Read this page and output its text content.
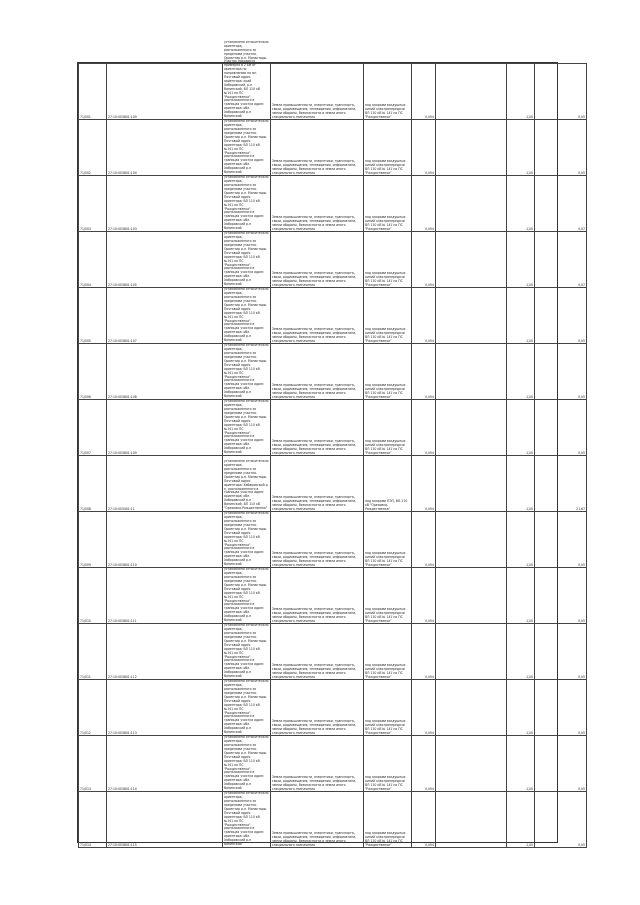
71/001	27:10:003801:109	установлено относительно ориентира, расположенного за пределами участка. Ориентир р.п. Монастырь. Участок находится примерно в 2 км от ориентира по направлению на юг. Почтовый адрес ориентира: край Хабаровский, р-н Ванинский, ВЛ 110 кВ №141 по ПС "Рождественка", расположенного в границах участка адрес ориентира: обл. Хабаровский р-н Ванинский	Земли промышленности, энергетики, транспорта, связи, радиовещания, телевидения, информатики, земли обороны, безопасности и земли иного специального назначения	под опорами воздушных линий электропередачи ВЛ 110 кВ № 141 по ПС "Рождественка"	0,004		1,00	0,05
71/002	27:10:003801:104	установлено относительно ориентира, расположенного за пределами участка. Ориентир р.п. Монастырь. Почтовый адрес ориентира: ВЛ 110 кВ №141 по ПС "Рождественка", расположенного в границах участка адрес ориентира: обл. Хабаровский р-н Ванинский	Земли промышленности, энергетики, транспорта, связи, радиовещания, телевидения, информатики, земли обороны, безопасности и земли иного специального назначения	под опорами воздушных линий электропередачи ВЛ 110 кВ № 141 по ПС "Рождественка"	0,004		1,00	0,05
71/003	27:10:003801:103	установлено относительно ориентира, расположенного за пределами участка. Ориентир р.п. Монастырь. Почтовый адрес ориентира: ВЛ 110 кВ №141 по ПС "Рождественка", расположенного в границах участка адрес ориентира: обл. Хабаровский р-н Ванинский	Земли промышленности, энергетики, транспорта, связи, радиовещания, телевидения, информатики, земли обороны, безопасности и земли иного специального назначения	под опорами воздушных линий электропередачи ВЛ 110 кВ № 141 по ПС "Рождественка"	0,004		1,00	0,07
71/004	27:10:003801:105	установлено относительно ориентира, расположенного за пределами участка. Ориентир р.п. Монастырь. Почтовый адрес ориентира: ВЛ 110 кВ №141 по ПС "Рождественка", расположенного в границах участка адрес ориентира: обл. Хабаровский р-н Ванинский	Земли промышленности, энергетики, транспорта, связи, радиовещания, телевидения, информатики, земли обороны, безопасности и земли иного специального назначения	под опорами воздушных линий электропередачи ВЛ 110 кВ № 141 по ПС "Рождественка"	0,004		1,00	0,07
71/005	27:10:003801:107	установлено относительно ориентира, расположенного за пределами участка. Ориентир р.п. Монастырь. Почтовый адрес ориентира: ВЛ 110 кВ №141 по ПС "Рождественка", расположенного в границах участка адрес ориентира: обл. Хабаровский р-н Ванинский	Земли промышленности, энергетики, транспорта, связи, радиовещания, телевидения, информатики, земли обороны, безопасности и земли иного специального назначения	под опорами воздушных линий электропередачи ВЛ 110 кВ № 141 по ПС "Рождественка"	0,004		1,00	0,05
71/006	27:10:003801:108	установлено относительно ориентира, расположенного за пределами участка. Ориентир р.п. Монастырь. Почтовый адрес ориентира: ВЛ 110 кВ №141 по ПС "Рождественка", расположенного в границах участка адрес ориентира: обл. Хабаровский р-н Ванинский	Земли промышленности, энергетики, транспорта, связи, радиовещания, телевидения, информатики, земли обороны, безопасности и земли иного специального назначения	под опорами воздушных линий электропередачи ВЛ 110 кВ № 141 по ПС "Рождественка"	0,004		1,00	0,05
71/007	27:10:003801:109	установлено относительно ориентира, расположенного за пределами участка. Ориентир р.п. Монастырь. Почтовый адрес ориентира: ВЛ 110 кВ №141 по ПС "Рождественка", расположенного в границах участка адрес ориентира: обл. Хабаровский р-н Ванинский	Земли промышленности, энергетики, транспорта, связи, радиовещания, телевидения, информатики, земли обороны, безопасности и земли иного специального назначения	под опорами воздушных линий электропередачи ВЛ 110 кВ № 141 по ПС "Рождественка"	0,004		1,00	0,05
71/008	27:10:003401:11	установлено относительно ориентира, расположенного за пределами участка. Ориентир р.п. Монастырь. Почтовый адрес ориентира: Хабаровский р-н, расположенного в границах участка адрес ориентира: обл. Хабаровский р-н Ванинский, ВЛ 110 кВ "Ореховка-Рождественка"	Земли промышленности, энергетики, транспорта, связи, радиовещания, телевидения, информатики, земли обороны, безопасности и земли иного специального назначения	под опорами ЛЭП, ВЛ-110 кВ "Ореховка-Рождественка"	0,004		1,00	21,67
71/009	27:10:003801:110	установлено относительно ориентира, расположенного за пределами участка. Ориентир р.п. Монастырь. Почтовый адрес ориентира: ВЛ 110 кВ №141 по ПС "Рождественка", расположенного в границах участка адрес ориентира: обл. Хабаровский р-н Ванинский	Земли промышленности, энергетики, транспорта, связи, радиовещания, телевидения, информатики, земли обороны, безопасности и земли иного специального назначения	под опорами воздушных линий электропередачи ВЛ 110 кВ № 141 по ПС "Рождественка"	0,004		1,00	0,05
71/010	27:10:003801:111	установлено относительно ориентира, расположенного за пределами участка. Ориентир р.п. Монастырь. Почтовый адрес ориентира: ВЛ 110 кВ №141 по ПС "Рождественка", расположенного в границах участка адрес ориентира: обл. Хабаровский р-н Ванинский	Земли промышленности, энергетики, транспорта, связи, радиовещания, телевидения, информатики, земли обороны, безопасности и земли иного специального назначения	под опорами воздушных линий электропередачи ВЛ 110 кВ № 141 по ПС "Рождественка"	0,004		1,00	0,05
71/011	27:10:003801:112	установлено относительно ориентира, расположенного за пределами участка. Ориентир р.п. Монастырь. Почтовый адрес ориентира: ВЛ 110 кВ №141 по ПС "Рождественка", расположенного в границах участка адрес ориентира: обл. Хабаровский р-н Ванинский	Земли промышленности, энергетики, транспорта, связи, радиовещания, телевидения, информатики, земли обороны, безопасности и земли иного специального назначения	под опорами воздушных линий электропередачи ВЛ 110 кВ № 141 по ПС "Рождественка"	0,004		1,00	0,05
71/012	27:10:003801:113	установлено относительно ориентира, расположенного за пределами участка. Ориентир р.п. Монастырь. Почтовый адрес ориентира: ВЛ 110 кВ №141 по ПС "Рождественка", расположенного в границах участка адрес ориентира: обл. Хабаровский р-н Ванинский	Земли промышленности, энергетики, транспорта, связи, радиовещания, телевидения, информатики, земли обороны, безопасности и земли иного специального назначения	под опорами воздушных линий электропередачи ВЛ 110 кВ № 141 по ПС "Рождественка"	0,004		1,00	0,05
71/013	27:10:003801:114	установлено относительно ориентира, расположенного за пределами участка. Ориентир р.п. Монастырь. Почтовый адрес ориентира: ВЛ 110 кВ №141 по ПС "Рождественка", расположенного в границах участка адрес ориентира: обл. Хабаровский р-н Ванинский	Земли промышленности, энергетики, транспорта, связи, радиовещания, телевидения, информатики, земли обороны, безопасности и земли иного специального назначения	под опорами воздушных линий электропередачи ВЛ 110 кВ № 141 по ПС "Рождественка"	0,004		1,00	0,05
71/014	27:10:003801:115	установлено относительно ориентира, расположенного за пределами участка. Ориентир р.п. Монастырь. Почтовый адрес ориентира: ВЛ 110 кВ №141 по ПС "Рождественка", расположенного в границах участка адрес ориентира: обл. Хабаровский р-н Ванинский	Земли промышленности, энергетики, транспорта, связи, радиовещания, телевидения, информатики, земли обороны, безопасности и земли иного специального назначения	под опорами воздушных линий электропередачи ВЛ 110 кВ № 141 по ПС "Рождественка"	0,004		1,00	0,05
